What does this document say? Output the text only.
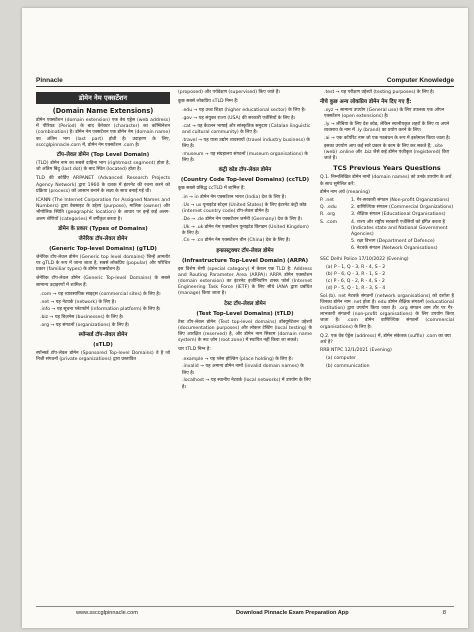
Pinnacle	Computer Knowledge
डोमेन नेम एक्सटेंशन
(Domain Name Extensions)

डोमेन एक्सटेंशन (domain extension) एक वेब एड्रेस (web address) में पीरियड (Period) के बाद कैरेक्टर (character) का कॉम्बिनेशन (combination) है। डोमेन नेम एक्सटेंशन एक डोमेन नेम (domain name) का अंतिम भाग (last part) होती है। उदाहरण के लिए, ssccglpinnacle.com में, डोमेन नेम एक्सटेंशन .com है।

टॉप-लेवल डोमेन (Top Level Domain)

(TLD) डोमेन नाम का सबसे दाहिना भाग (rightmost segment) होता है, जो अंतिम बिंदु (last dot) के बाद स्थित (located) होता है।

TLD की कोर्डिए ARPANET (Advanced Research Projects Agency Network) द्वारा 1960 के दशक में इंटरनेट की रचना करने को प्रक्रिया (process) को आसान बनाने के लक्ष्य के साथ बनाई गई थी।

ICANN (The Internet Corporation for Assigned Names and Numbers) द्वारा वेबसाइट के उद्देश्य (purpose), मालिक (owner) और भौगोलिक स्थिति (geographic location) के आधार पर इन्हें कई अलग-अलग श्रेणियों (categories) में वर्गीकृत करता है।

डोमेन के प्रकार (Types of Domains)
जेनेरिक टॉप-लेवल डोमेन
(Generic Top-level Domains) (gTLD)

जेनेरिक टॉप-लेवल डोमेन (Generic top level domains) जिन्हें आमतौर पर gTLD के रूप में जाना जाता है, सबसे लोकप्रिय (popular) और परिचित प्रकार (familiar types) के डोमेन एक्सटेंशन हैं।

जेनेरिक टॉप-लेवल डोमेन (Generic Top-level Domains) के सबसे सामान्य उदाहरणों में शामिल हैं:

.com → यह व्यावसायिक साइट्स (commercial sites) के लिए है।
.net → यह नेटवर्क (network) के लिए है।
.info → यह सूचना प्लेटफॉर्म (information platform) के लिए है।
.biz → यह बिज़नेस (businesses) के लिए है।
.org → यह संगठनों (organizations) के लिए है।
स्पॉन्सर्ड टॉप-लेवल डोमेन
(sTLD)

स्पॉन्सर्ड टॉप-लेवल डोमेन (Sponsored Top-level Domains) वे है जो निजी संगठनों (private organizations) द्वारा प्रस्तावित

(proposed) और पर्यवेक्षण (supervised) किए जाते हैं।

कुछ सबसे लोकप्रिय sTLD निम्न हैं:

.edu → यह उच्च शिक्षा (higher educational sector) के लिए है।
.gov → यह संयुक्त राज्य (USA) की सरकारी एजेंसियों के लिए है।
.cat → यह कैटलन भाषाई और सांस्कृतिक समुदाय (Catalan linguistic and cultural community) के लिए है।
.travel → यह यात्रा उद्योग व्यवसायों (travel industry business) के लिए है।
.museum → यह संग्रहालय संगठनों (museum organisations) के लिए है।
कंट्री कोड टॉप-लेवल डोमेन
(Country Code Top-level Domains) (ccTLD)

कुछ सबसे प्रसिद्ध ccTLD में शामिल हैं:

.in → in डोमेन नेम एक्सटेंशन भारत (India) देश के लिए है।
.Us → us यूनाइटेड स्टेट्स (United States) के लिए इंटरनेट कंट्री कोड (internet country code) टॉप-लेवल डोमेन है।
.De → .de डोमेन नेम एक्सटेंशन जर्मनी (Germany) देश के लिए है।
.Uk → .uk डोमेन नेम एक्सटेंशन यूनाइटेड किंगडम (United Kingdom) के लिए है।
.Cn → .cn डोमेन नेम एक्सटेंशन चीन (China) देश के लिए है।
इन्फ्रास्ट्रक्चर टॉप-लेवल डोमेन
(Infrastructure Top-Level Domain) (ARPA)

इस विशेष श्रेणी (special category) में केवल एक TLD है: Address and Routing Parameter Area (ARPA)। ARPA डोमेन एक्सटेंशन (domain extension) का इंटरनेट इंजीनियरिंग टास्क फोर्स (Internet Engineering Task Force (IETF) के लिए सीधे IANA द्वारा प्रबंधित (manage) किया जाता है।

टेस्ट टॉप-लेवल डोमेन
(Test Top-Level Domains) (tTLD)

टेस्ट टॉप-लेवल डोमेन (Test top-level domains) डॉक्यूमेंटेशन उद्देश्यों (documentation purposes) और लोकल टेस्टिंग (local testing) के लिए आरक्षित (reserved) है, और डोमेन नाम सिस्टम (domain name system) के रूट ज़ोन (root zone) में स्थापित नहीं किया जा सकते।

चार tTLD निम्न है:

.example → यह प्लेस होल्डिंग (place holding) के लिए है।
.invalid → यह अमान्य डोमेन नामों (invalid domain names) के लिए है।
.localhost → यह स्थानीय नेटवर्क (local networks) में उपयोग के लिए है।
.test → यह परीक्षण उद्देश्यों (testing purposes) के लिए है।
नीचे कुछ अन्य लोकप्रिय डोमेन नेम दिए गए हैं:
.xyz → सामान्य उपयोग (General use) के लिए उपलब्ध एक ओपन एक्सटेंशन (open extensions) है।
.ly → लीबिया के लिए देश कोड, लेकिन स्थानीयकृत शहरों के लिए या अपने व्यवसाय के नाम में .ly (brand) का प्रयोग करने के लिए।
.ai → एक कॉर्पोरेट नाम जो एक गठबंधन के रूप में इस्तेमाल किया जाता है।
इसका उपयोग आप कई सारे प्रकार के काम के लिए कर सकते हैं; .site (web) .online और .biz जैसे कई डोमेन पंजीकृत (registered) किए जाते हैं।
TCS Previous Years Questions

Q.1. निम्नलिखित डोमेन नामों (domain names) को उनके उपयोग के अर्थ के साथ सुमेलित करें:

डोमेन नाम अर्थ (meaning)

P. .net	1. गैर-सरकारी संगठन (Non-profit Organizations)
Q. .edu	2. वाणिज्यिक संगठन (Commercial Organizations)
R. .org	3. शैक्षिक संगठन (Educational Organisations)
S. .com	4. राज्य और राष्ट्रीय सरकारी एजेंसियों को इंगित करता है (Indicates state and National Government Agencies)
5. रक्षा विभाग (Department of Defence)
6. नेटवर्क संगठन (Network Organisations)

SSC Delhi Police 17/10/2022 (Evening)

(a) P - 1, Q - 3, R - 4, S - 2
(b) P - 6, Q - 3, R - 1, S - 2
(c) P - 6, Q - 2, R - 4, S - 2
(d) P - 5, Q - 1, R - 3, S - 4

Sol.(b). net नेटवर्क संगठनों (network organisations) को दर्शाता है जिनका डोमेन नाम .net होता है। edu डोमेन शैक्षिक संगठनों (educational institution) द्वारा उपयोग किया जाता है। .org संगठन आम तौर पर गैर-लाभकारी संगठनों (non-profit organisations) के लिए उपयोग किया जाता है। .com डोमेन वाणिज्यिक संगठनों (commercial organisations) के लिए है।

Q.2. एक वेब ऐड्रेस (address) में, डोमेन संकेतक (suffix) .com का क्या अर्थ है?

RRB NTPC 12/1/2021 (Evening)

(a) computer
(b) communication
www.ssccglpinnacle.com	Download Pinnacle Exam Preparation App	8
